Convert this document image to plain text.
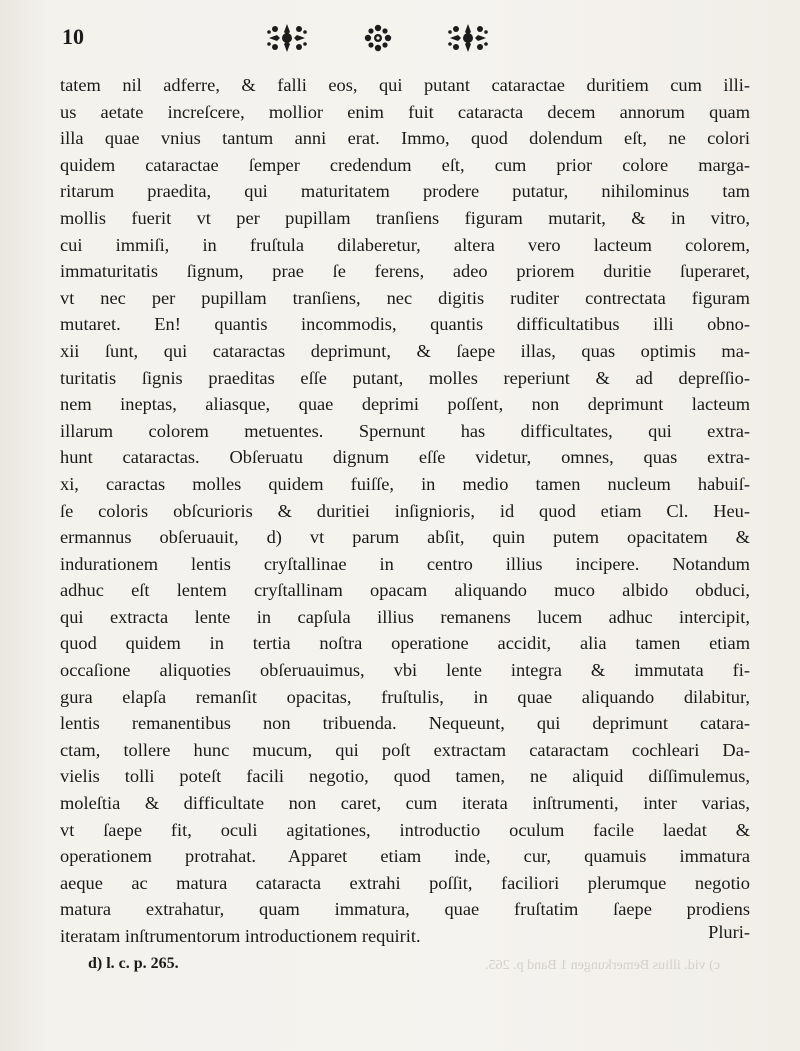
10
tatem nil adferre, & falli eos, qui putant cataractae duritiem cum illi-
us aetate increſcere, mollior enim fuit cataracta decem annorum quam
illa quae vnius tantum anni erat. Immo, quod dolendum eſt, ne colori
quidem cataractae ſemper credendum eſt, cum prior colore marga-
ritarum praedita, qui maturitatem prodere putatur, nihilominus tam
mollis fuerit vt per pupillam tranſiens figuram mutarit, & in vitro,
cui immiſi, in fruſtula dilaberetur, altera vero lacteum colorem,
immaturitatis ſignum, prae ſe ferens, adeo priorem duritie ſuperaret,
vt nec per pupillam tranſiens, nec digitis ruditer contrectata figuram
mutaret. En! quantis incommodis, quantis difficultatibus illi obno-
xii ſunt, qui cataractas deprimunt, & ſaepe illas, quas optimis ma-
turitatis ſignis praeditas eſſe putant, molles reperiunt & ad depreſſio-
nem ineptas, aliasque, quae deprimi poſſent, non deprimunt lacteum
illarum colorem metuentes. Spernunt has difficultates, qui extra-
hunt cataractas. Obſeruatu dignum eſſe videtur, omnes, quas extra-
xi, caractas molles quidem fuiſſe, in medio tamen nucleum habuiſ-
ſe coloris obſcurioris & duritiei inſignioris, id quod etiam Cl. Heu-
ermannus obſeruauit, d) vt parum abſit, quin putem opacitatem &
indurationem lentis cryſtallinae in centro illius incipere. Notandum
adhuc eſt lentem cryſtallinam opacam aliquando muco albido obduci,
qui extracta lente in capſula illius remanens lucem adhuc intercipit,
quod quidem in tertia noſtra operatione accidit, alia tamen etiam
occaſione aliquoties obſeruauimus, vbi lente integra & immutata fi-
gura elapſa remanſit opacitas, fruſtulis, in quae aliquando dilabitur,
lentis remanentibus non tribuenda. Nequeunt, qui deprimunt catara-
ctam, tollere hunc mucum, qui poſt extractam cataractam cochleari Da-
vielis tolli poteſt facili negotio, quod tamen, ne aliquid diſſimulemus,
moleſtia & difficultate non caret, cum iterata inſtrumenti, inter varias,
vt ſaepe fit, oculi agitationes, introductio oculum facile laedat &
operationem protrahat. Apparet etiam inde, cur, quamuis immatura
aeque ac matura cataracta extrahi poſſit, faciliori plerumque negotio
matura extrahatur, quam immatura, quae fruſtatim ſaepe prodiens
iteratam inſtrumentorum introductionem requirit.	Pluri-
d) l. c. p. 265.	c) vid. illius Bemerkungen 1 Band p. 265.
